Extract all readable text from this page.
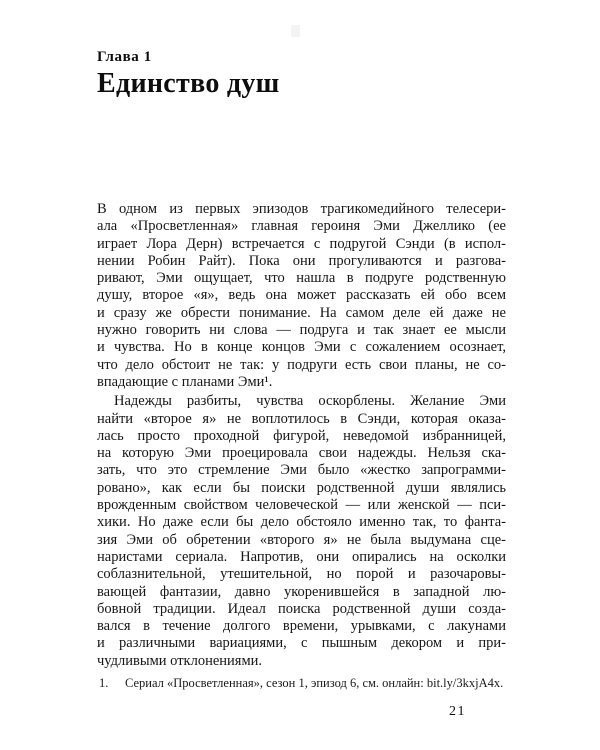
Глава 1
Единство душ
В одном из первых эпизодов трагикомедийного телесери-
ала «Просветленная» главная героиня Эми Джеллико (ее
играет Лора Дерн) встречается с подругой Сэнди (в испол-
нении Робин Райт). Пока они прогуливаются и разгова-
ривают, Эми ощущает, что нашла в подруге родственную
душу, второе «я», ведь она может рассказать ей обо всем
и сразу же обрести понимание. На самом деле ей даже не
нужно говорить ни слова — подруга и так знает ее мысли
и чувства. Но в конце концов Эми с сожалением осознает,
что дело обстоит не так: у подруги есть свои планы, не со-
впадающие с планами Эми¹.
Надежды разбиты, чувства оскорблены. Желание Эми
найти «второе я» не воплотилось в Сэнди, которая оказа-
лась просто проходной фигурой, неведомой избранницей,
на которую Эми проецировала свои надежды. Нельзя ска-
зать, что это стремление Эми было «жестко запрограмми-
ровано», как если бы поиски родственной души являлись
врожденным свойством человеческой — или женской — пси-
хики. Но даже если бы дело обстояло именно так, то фанта-
зия Эми об обретении «второго я» не была выдумана сце-
наристами сериала. Напротив, они опирались на осколки
соблазнительной, утешительной, но порой и разочаровы-
вающей фантазии, давно укоренившейся в западной лю-
бовной традиции. Идеал поиска родственной души созда-
вался в течение долгого времени, урывками, с лакунами
и различными вариациями, с пышным декором и при-
чудливыми отклонениями.
1.	Сериал «Просветленная», сезон 1, эпизод 6, см. онлайн: bit.ly/3kxjA4x.
21
